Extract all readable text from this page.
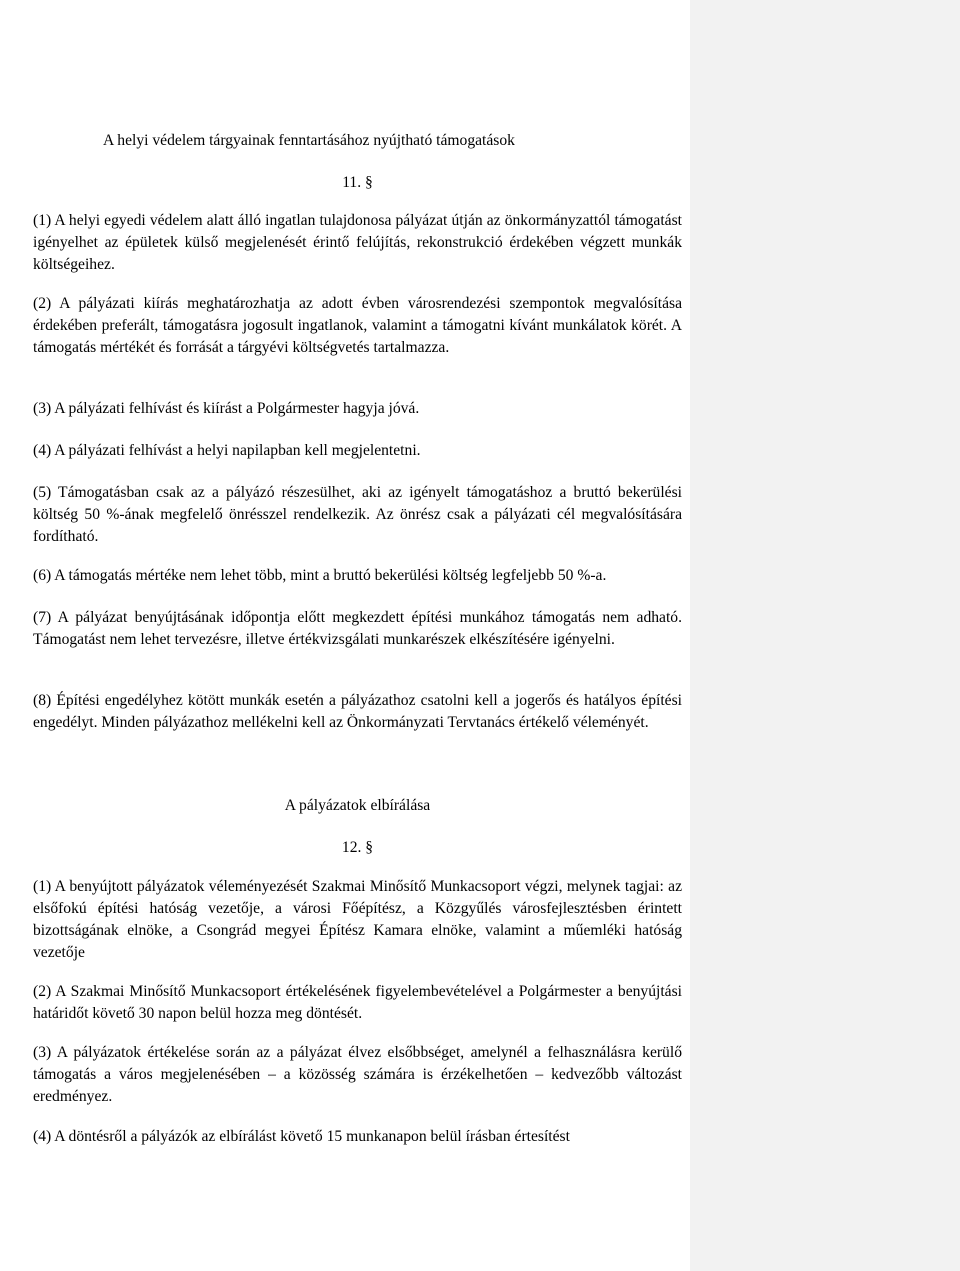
A helyi védelem tárgyainak fenntartásához nyújtható támogatások
11. §

(1) A helyi egyedi védelem alatt álló ingatlan tulajdonosa pályázat útján az önkormányzattól támogatást igényelhet az épületek külső megjelenését érintő felújítás, rekonstrukció érdekében végzett munkák költségeihez.

(2) A pályázati kiírás meghatározhatja az adott évben városrendezési szempontok megvalósítása érdekében preferált, támogatásra jogosult ingatlanok, valamint a támogatni kívánt munkálatok körét. A támogatás mértékét és forrását a tárgyévi költségvetés tartalmazza.

(3) A pályázati felhívást és kiírást a Polgármester hagyja jóvá.

(4) A pályázati felhívást a helyi napilapban kell megjelentetni.

(5) Támogatásban csak az a pályázó részesülhet, aki az igényelt támogatáshoz a bruttó bekerülési költség 50 %-ának megfelelő önrésszel rendelkezik. Az önrész csak a pályázati cél megvalósítására fordítható.

(6) A támogatás mértéke nem lehet több, mint a bruttó bekerülési költség legfeljebb 50 %-a.

(7) A pályázat benyújtásának időpontja előtt megkezdett építési munkához támogatás nem adható. Támogatást nem lehet tervezésre, illetve értékvizsgálati munkarészek elkészítésére igényelni.

(8) Építési engedélyhez kötött munkák esetén a pályázathoz csatolni kell a jogerős és hatályos építési engedélyt. Minden pályázathoz mellékelni kell az Önkormányzati Tervtanács értékelő véleményét.

A pályázatok elbírálása
12. §

(1) A benyújtott pályázatok véleményezését Szakmai Minősítő Munkacsoport végzi, melynek tagjai: az elsőfokú építési hatóság vezetője, a városi Főépítész, a Közgyűlés városfejlesztésben érintett bizottságának elnöke, a Csongrád megyei Építész Kamara elnöke, valamint a műemléki hatóság vezetője

(2) A Szakmai Minősítő Munkacsoport értékelésének figyelembevételével a Polgármester a benyújtási határidőt követő 30 napon belül hozza meg döntését.

(3) A pályázatok értékelése során az a pályázat élvez elsőbbséget, amelynél a felhasználásra kerülő támogatás a város megjelenésében – a közösség számára is érzékelhetően – kedvezőbb változást eredményez.

(4) A döntésről a pályázók az elbírálást követő 15 munkanapon belül írásban értesítést
